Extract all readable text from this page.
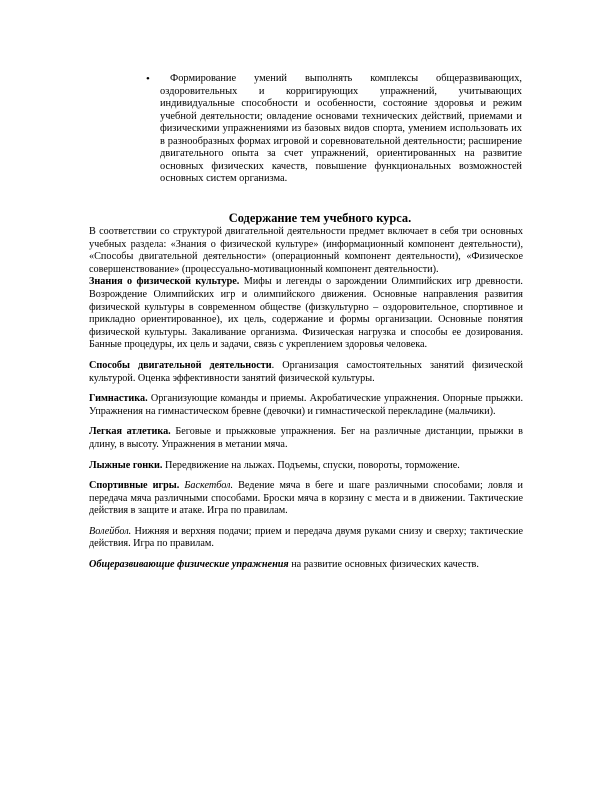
•	Формирование умений выполнять комплексы общеразвивающих, оздоровительных и корригирующих упражнений, учитывающих индивидуальные способности и особенности, состояние здоровья и режим учебной деятельности; овладение основами технических действий, приемами и физическими упражнениями из базовых видов спорта, умением использовать их в разнообразных формах игровой и соревновательной деятельности; расширение двигательного опыта за счет упражнений, ориентированных на развитие основных физических качеств, повышение функциональных возможностей основных систем организма.

Содержание тем учебного курса.

В соответствии со структурой двигательной деятельности предмет включает в себя три основных учебных раздела: «Знания о физической культуре» (информационный компонент деятельности), «Способы двигательной деятельности» (операционный компонент деятельности), «Физическое совершенствование» (процессуально-мотивационный компонент деятельности).

Знания о физической культуре. Мифы и легенды о зарождении Олимпийских игр древности. Возрождение Олимпийских игр и олимпийского движения. Основные направления развития физической культуры в современном обществе (физкультурно – оздоровительное, спортивное и прикладно ориентированное), их цель, содержание и формы организации. Основные понятия физической культуры. Закаливание организма. Физическая нагрузка и способы ее дозирования. Банные процедуры, их цель и задачи, связь с укреплением здоровья человека.

Способы двигательной деятельности. Организация самостоятельных занятий физической культурой. Оценка эффективности занятий физической культуры.

Гимнастика. Организующие команды и приемы. Акробатические упражнения. Опорные прыжки. Упражнения на гимнастическом бревне (девочки) и гимнастической перекладине (мальчики).

Легкая атлетика. Беговые и прыжковые упражнения. Бег на различные дистанции, прыжки в длину, в высоту. Упражнения в метании мяча.

Лыжные гонки. Передвижение на лыжах. Подъемы, спуски, повороты, торможение.

Спортивные игры. Баскетбол. Ведение мяча в беге и шаге различными способами; ловля и передача мяча различными способами. Броски мяча в корзину с места и в движении. Тактические действия в защите и атаке. Игра по правилам.

Волейбол. Нижняя и верхняя подачи; прием и передача двумя руками снизу и сверху; тактические действия. Игра по правилам.

Общеразвивающие физические упражнения на развитие основных физических качеств.
